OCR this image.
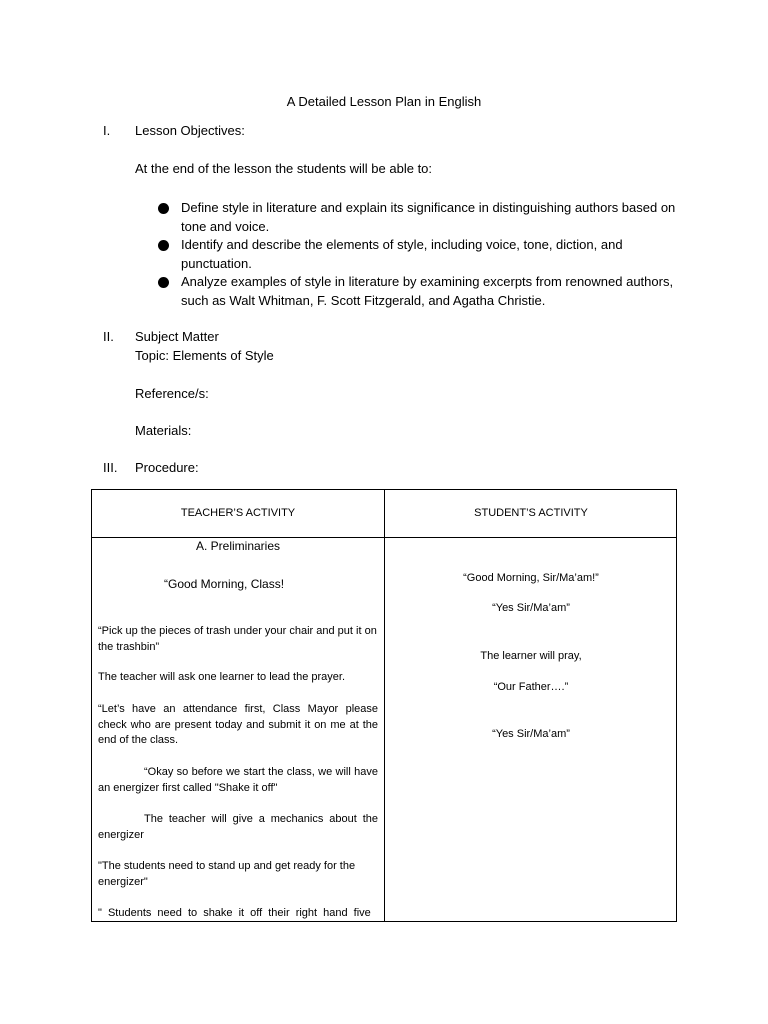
A Detailed Lesson Plan in English
I. Lesson Objectives:
At the end of the lesson the students will be able to:
Define style in literature and explain its significance in distinguishing authors based on tone and voice.
Identify and describe the elements of style, including voice, tone, diction, and punctuation.
Analyze examples of style in literature by examining excerpts from renowned authors, such as Walt Whitman, F. Scott Fitzgerald, and Agatha Christie.
II. Subject Matter
Topic: Elements of Style
Reference/s:
Materials:
III. Procedure:
TEACHER’S ACTIVITY	STUDENT’S ACTIVITY
A. Preliminaries
“Good Morning, Class!
“Pick up the pieces of trash under your chair and put it on the trashbin”
The teacher will ask one learner to lead the prayer.
“Let’s have an attendance first, Class Mayor please check who are present today and submit it on me at the end of the class.
“Okay so before we start the class, we will have an energizer first called "Shake it off"
The teacher will give a mechanics about the energizer
"The students need to stand up and get ready for the energizer"
" Students need to shake it off their right hand five
“Good Morning, Sir/Ma’am!”
“Yes Sir/Ma’am”
The learner will pray,
“Our Father….”
“Yes Sir/Ma’am”
